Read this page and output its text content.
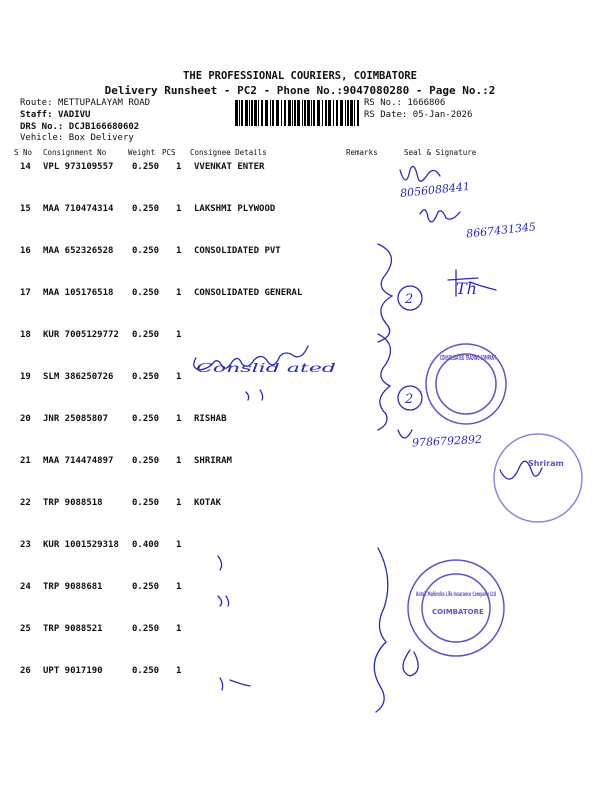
THE PROFESSIONAL COURIERS, COIMBATORE
Delivery Runsheet - PC2 - Phone No.:9047080280 - Page No.:2
Route: METTUPALAYAM ROAD
Staff: VADIVU
DRS No.: DCJB166680602
Vehicle: Box Delivery
RS No.: 1666806
RS Date: 05-Jan-2026
S No Consignment No	Weight PCS Consignee Details	Remarks	Seal & Signature
14 VPL 973109557 0.250 1 VVENKAT ENTER
15 MAA 710474314 0.250 1 LAKSHMI PLYWOOD
16 MAA 652326528 0.250 1 CONSOLIDATED PVT
17 MAA 105176518 0.250 1 CONSOLIDATED GENERAL
18 KUR 7005129772 0.250 1
19 SLM 386250726 0.250 1
20 JNR 25085807	0.250 1 RISHAB
21 MAA 714474897 0.250 1 SHRIRAM
22 TRP 9088518	0.250 1 KOTAK
23 KUR 1001529318 0.400 1
24 TRP 9088681	0.250 1
25 TRP 9088521	0.250 1
26 UPT 9017190	0.250 1
CONSOLIDATED TRADING COMPANY
Shriram
Kotak Mahindra Life Insurance Company Ltd
COIMBATORE
8056088441
8667431345
Th
Conslid ated
9786792892
2
2
